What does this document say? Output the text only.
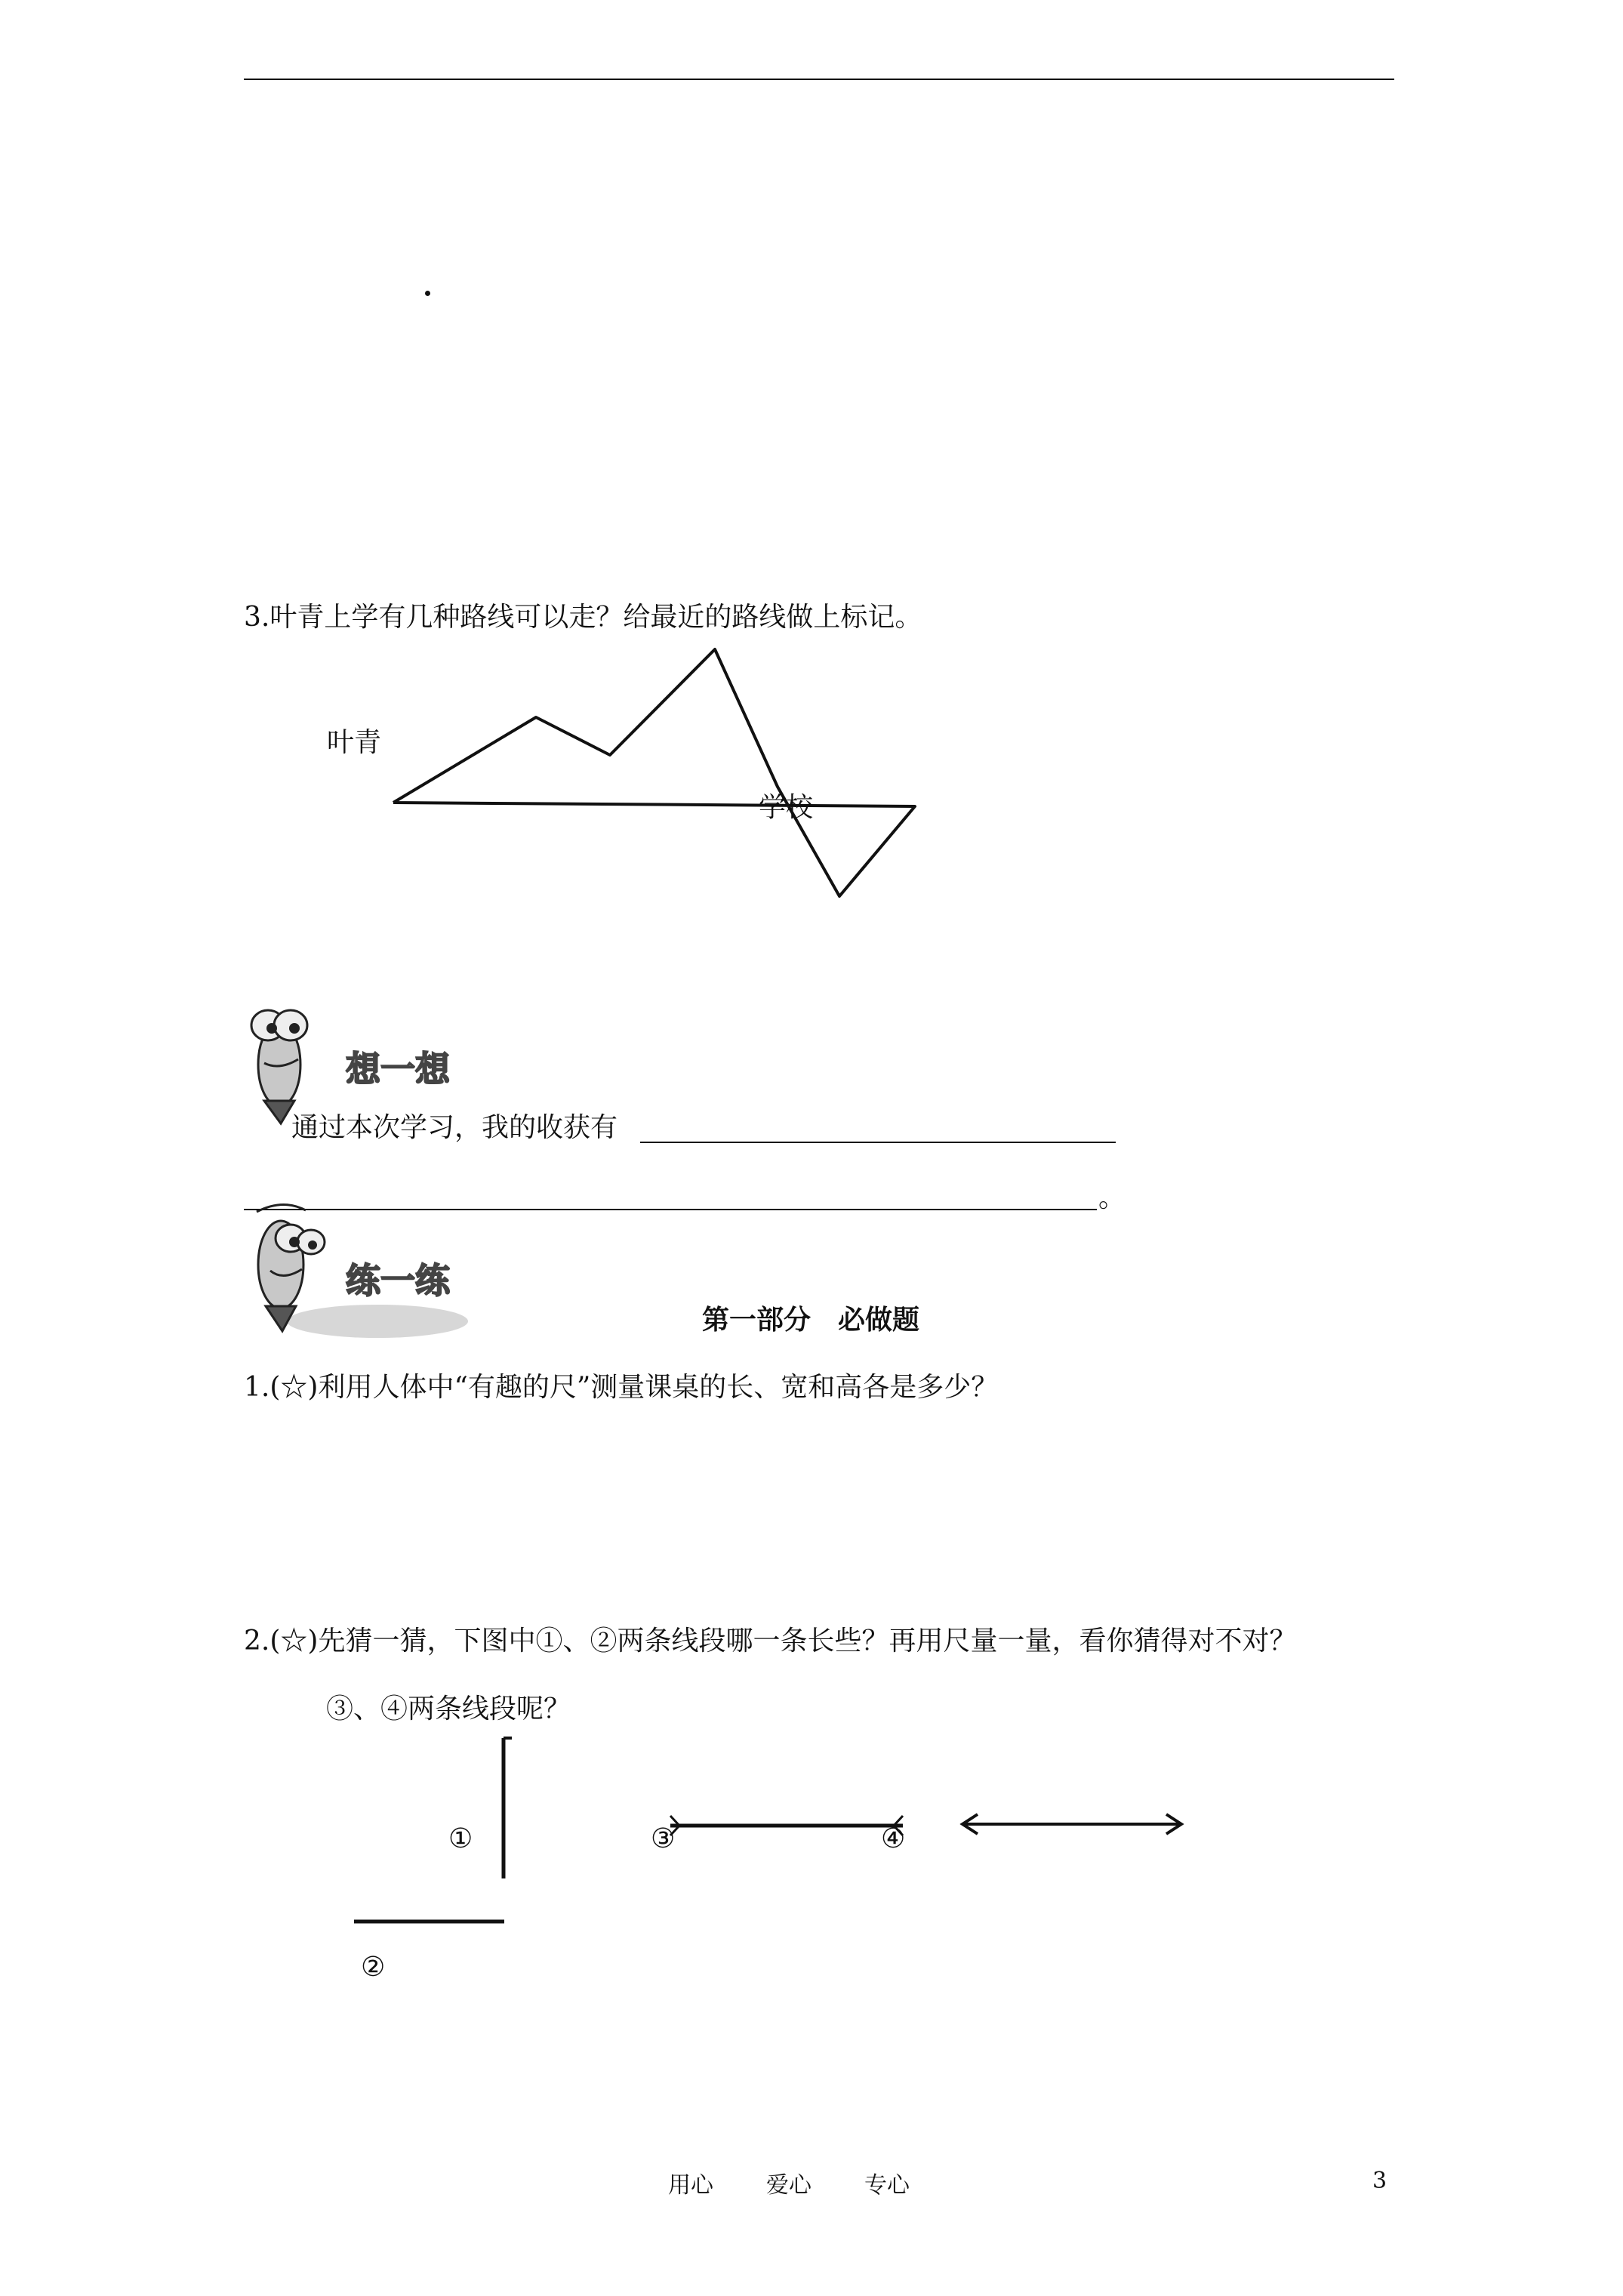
3.叶青上学有几种路线可以走？给最近的路线做上标记。
叶青
学校
想一想
通过本次学习，我的收获有
。
练一练
第一部分　必做题
1.(☆)利用人体中“有趣的尺”测量课桌的长、宽和高各是多少？
2.(☆)先猜一猜，下图中①、②两条线段哪一条长些？再用尺量一量，看你猜得对不对？
③、④两条线段呢？
①
②
③	④
用心 爱心 专心	3
